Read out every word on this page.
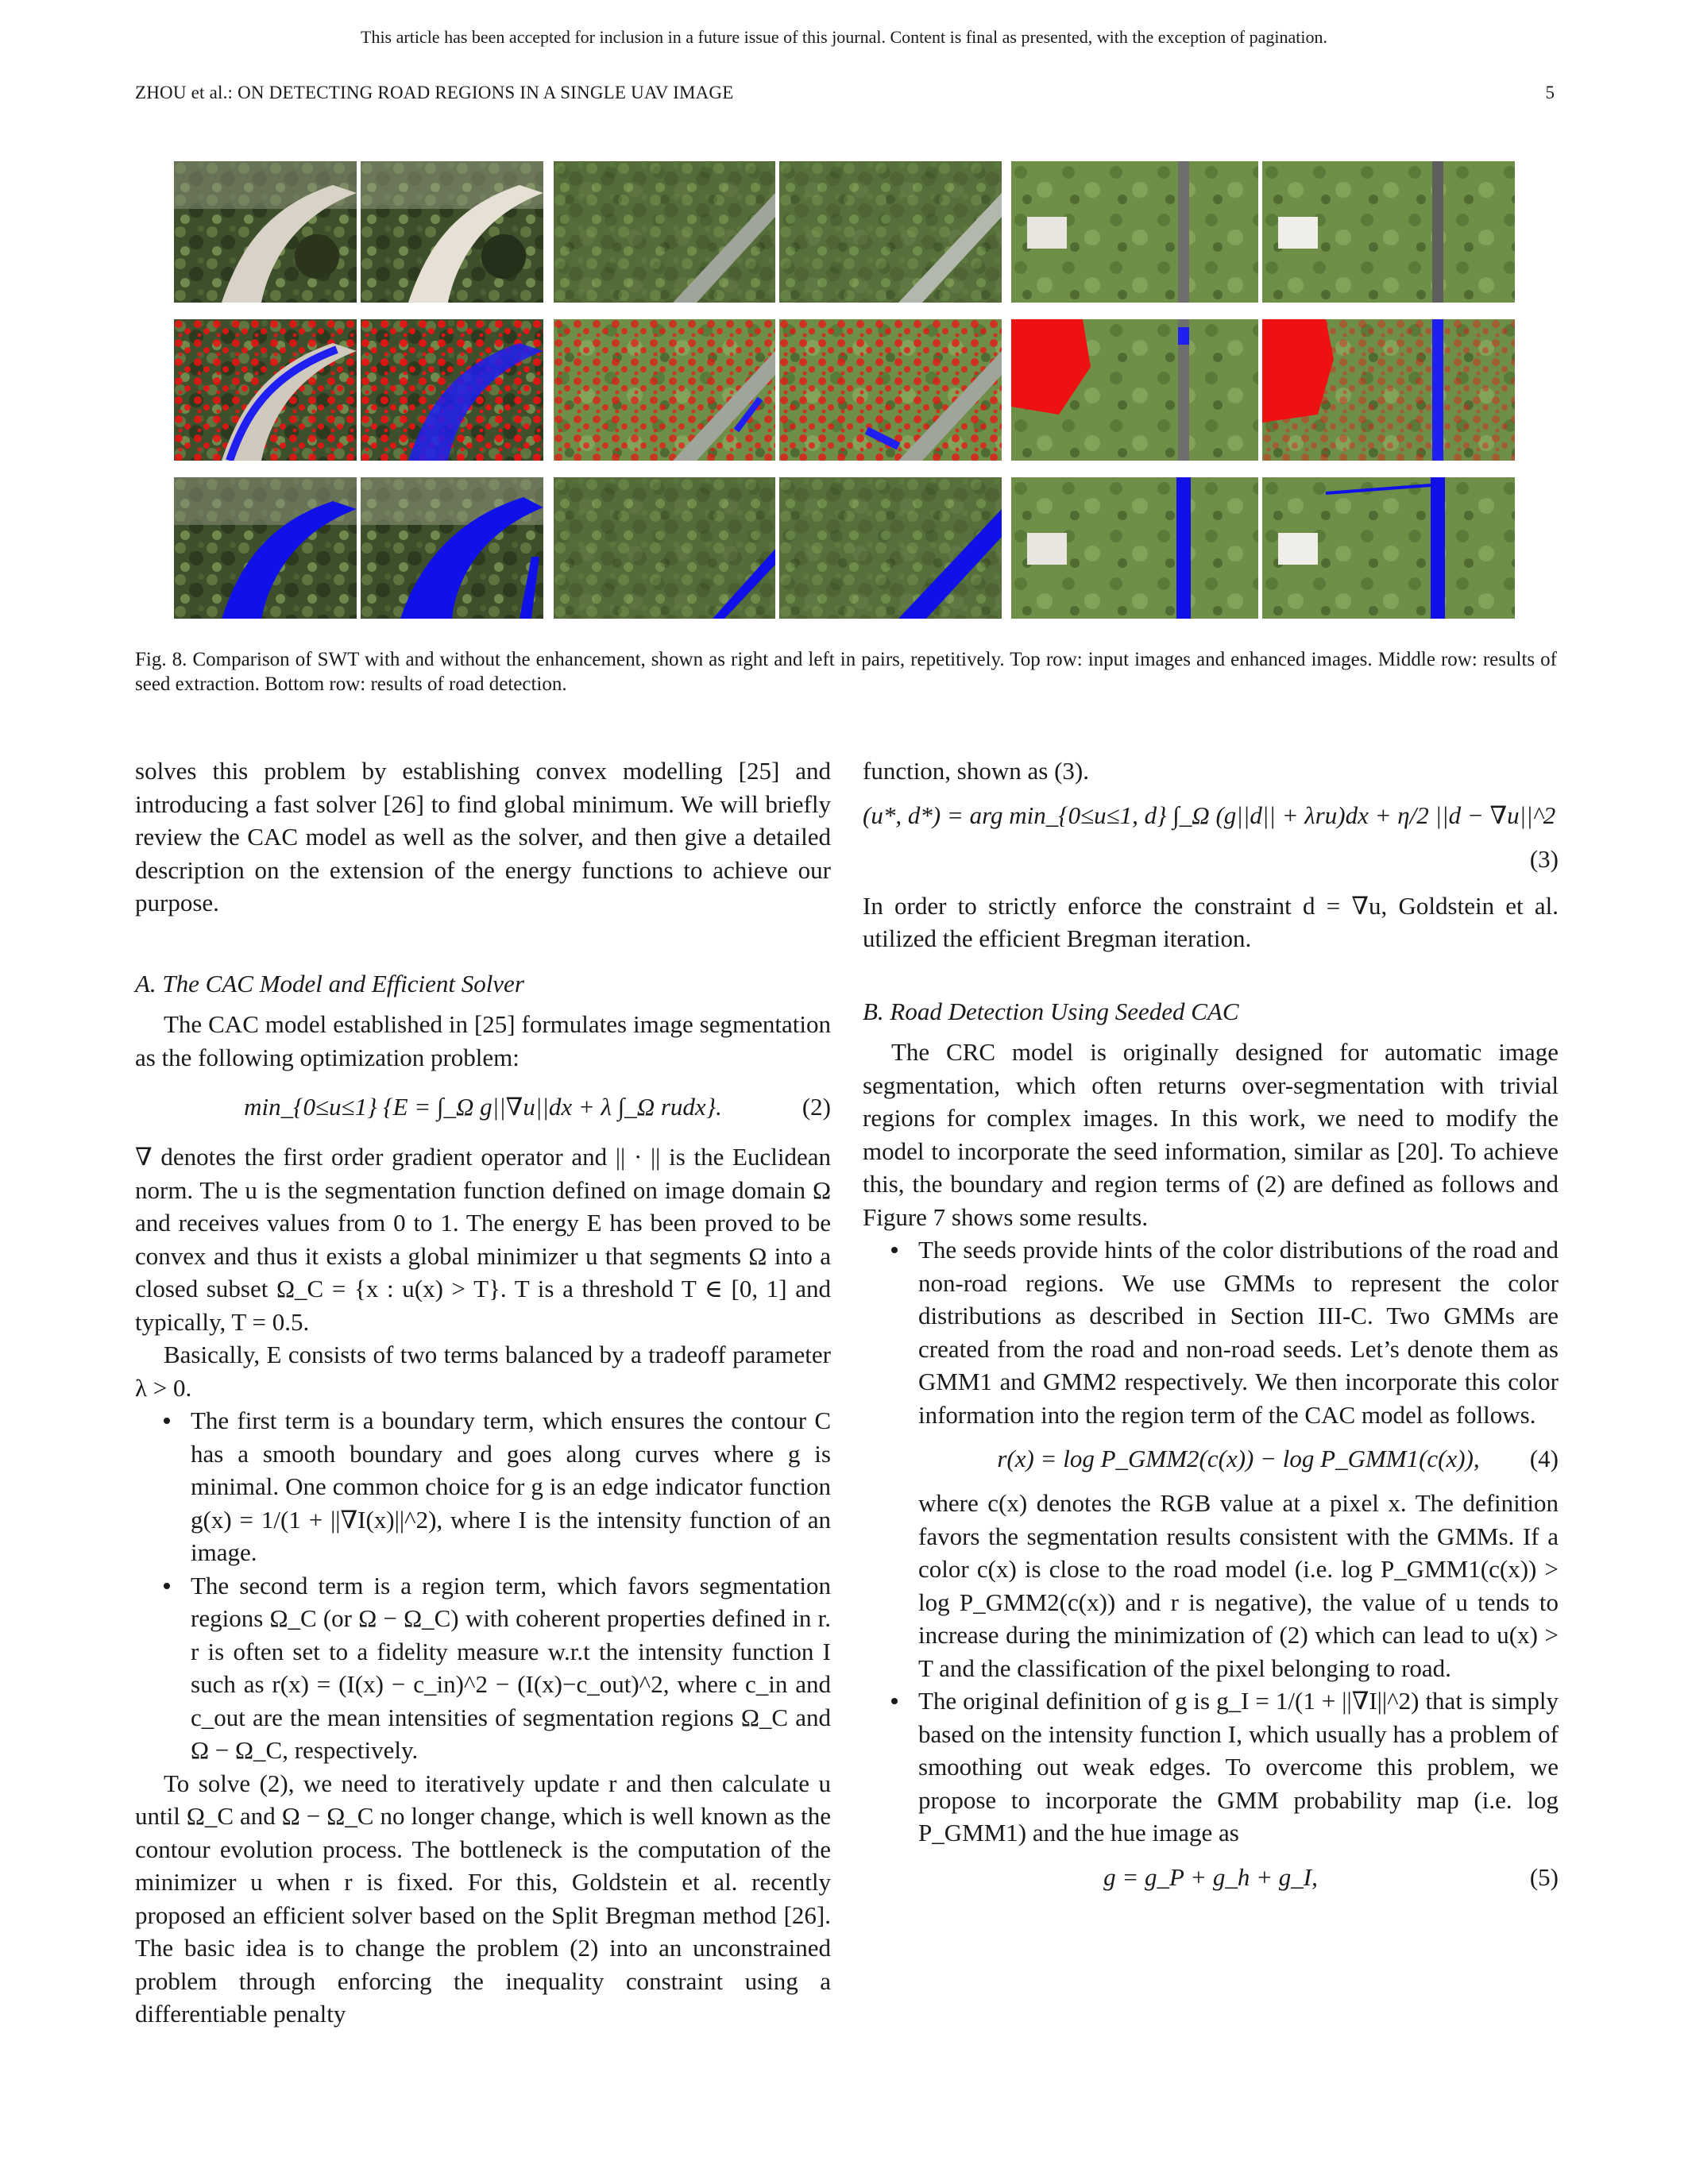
This article has been accepted for inclusion in a future issue of this journal. Content is final as presented, with the exception of pagination.
ZHOU et al.: ON DETECTING ROAD REGIONS IN A SINGLE UAV IMAGE	5
Fig. 8. Comparison of SWT with and without the enhancement, shown as right and left in pairs, repetitively. Top row: input images and enhanced images. Middle row: results of seed extraction. Bottom row: results of road detection.

solves this problem by establishing convex modelling [25] and introducing a fast solver [26] to find global minimum. We will briefly review the CAC model as well as the solver, and then give a detailed description on the extension of the energy functions to achieve our purpose.

A. The CAC Model and Efficient Solver

The CAC model established in [25] formulates image segmentation as the following optimization problem:

min_{0≤u≤1} {E = ∫_Ω g||∇u||dx + λ ∫_Ω rudx}.	(2)

∇ denotes the first order gradient operator and || · || is the Euclidean norm. The u is the segmentation function defined on image domain Ω and receives values from 0 to 1. The energy E has been proved to be convex and thus it exists a global minimizer u that segments Ω into a closed subset Ω_C = {x : u(x) > T}. T is a threshold T ∈ [0, 1] and typically, T = 0.5.

Basically, E consists of two terms balanced by a tradeoff parameter λ > 0.

The first term is a boundary term, which ensures the contour C has a smooth boundary and goes along curves where g is minimal. One common choice for g is an edge indicator function g(x) = 1/(1 + ||∇I(x)||^2), where I is the intensity function of an image.
The second term is a region term, which favors segmentation regions Ω_C (or Ω − Ω_C) with coherent properties defined in r. r is often set to a fidelity measure w.r.t the intensity function I such as r(x) = (I(x) − c_in)^2 − (I(x)−c_out)^2, where c_in and c_out are the mean intensities of segmentation regions Ω_C and Ω − Ω_C, respectively.

To solve (2), we need to iteratively update r and then calculate u until Ω_C and Ω − Ω_C no longer change, which is well known as the contour evolution process. The bottleneck is the computation of the minimizer u when r is fixed. For this, Goldstein et al. recently proposed an efficient solver based on the Split Bregman method [26]. The basic idea is to change the problem (2) into an unconstrained problem through enforcing the inequality constraint using a differentiable penalty

function, shown as (3).

(u*, d*) = arg min_{0≤u≤1, d} ∫_Ω (g||d|| + λru)dx + η/2 ||d − ∇u||^2
(3)

In order to strictly enforce the constraint d = ∇u, Goldstein et al. utilized the efficient Bregman iteration.

B. Road Detection Using Seeded CAC

The CRC model is originally designed for automatic image segmentation, which often returns over-segmentation with trivial regions for complex images. In this work, we need to modify the model to incorporate the seed information, similar as [20]. To achieve this, the boundary and region terms of (2) are defined as follows and Figure 7 shows some results.

The seeds provide hints of the color distributions of the road and non-road regions. We use GMMs to represent the color distributions as described in Section III-C. Two GMMs are created from the road and non-road seeds. Let’s denote them as GMM1 and GMM2 respectively. We then incorporate this color information into the region term of the CAC model as follows.
r(x) = log P_GMM2(c(x)) − log P_GMM1(c(x)), (4)
where c(x) denotes the RGB value at a pixel x. The definition favors the segmentation results consistent with the GMMs. If a color c(x) is close to the road model (i.e. log P_GMM1(c(x)) > log P_GMM2(c(x)) and r is negative), the value of u tends to increase during the minimization of (2) which can lead to u(x) > T and the classification of the pixel belonging to road.
The original definition of g is g_I = 1/(1 + ||∇I||^2) that is simply based on the intensity function I, which usually has a problem of smoothing out weak edges. To overcome this problem, we propose to incorporate the GMM probability map (i.e. log P_GMM1) and the hue image as
g = g_P + g_h + g_I,	(5)
